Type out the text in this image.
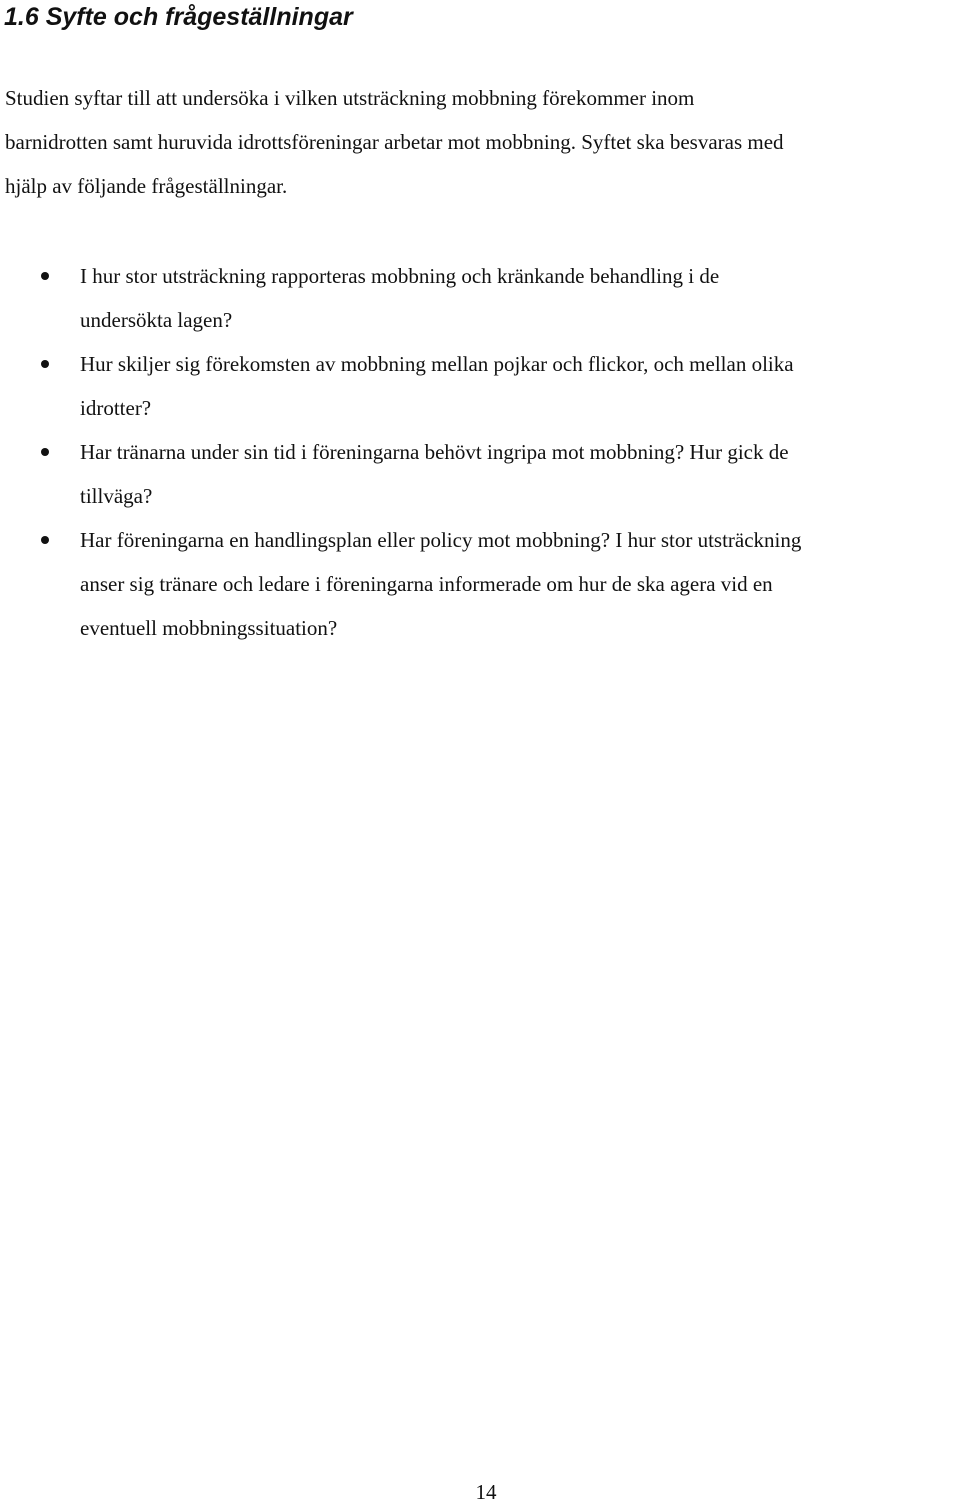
1.6 Syfte och frågeställningar

Studien syftar till att undersöka i vilken utsträckning mobbning förekommer inom
barnidrotten samt huruvida idrottsföreningar arbetar mot mobbning. Syftet ska besvaras med
hjälp av följande frågeställningar.

I hur stor utsträckning rapporteras mobbning och kränkande behandling i de
undersökta lagen?
Hur skiljer sig förekomsten av mobbning mellan pojkar och flickor, och mellan olika
idrotter?
Har tränarna under sin tid i föreningarna behövt ingripa mot mobbning? Hur gick de
tillväga?
Har föreningarna en handlingsplan eller policy mot mobbning? I hur stor utsträckning
anser sig tränare och ledare i föreningarna informerade om hur de ska agera vid en
eventuell mobbningssituation?
14
